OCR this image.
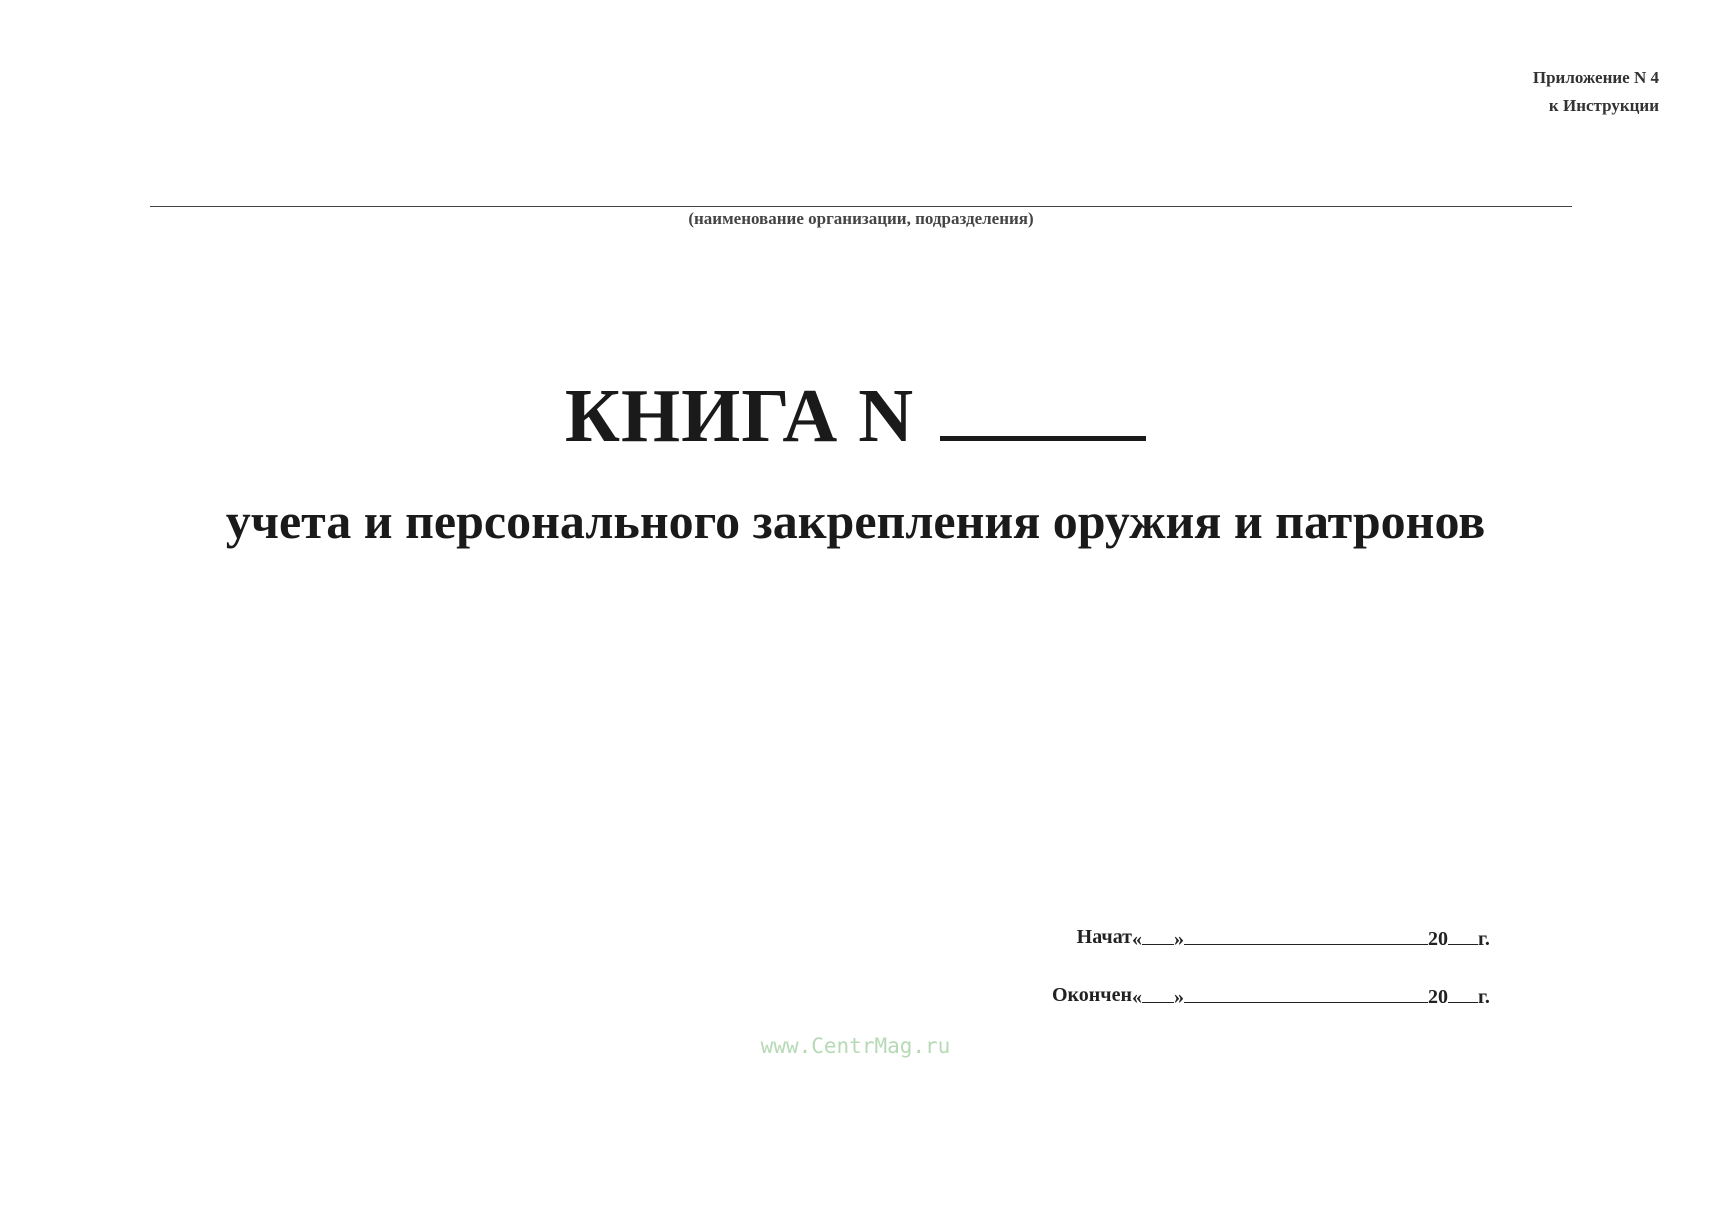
Приложение N 4
к Инструкции
(наименование организации, подразделения)
КНИГА N
учета и персонального закрепления оружия и патронов
Начат « »	20 г.
Окончен « »	20 г.
www.CentrMag.ru
